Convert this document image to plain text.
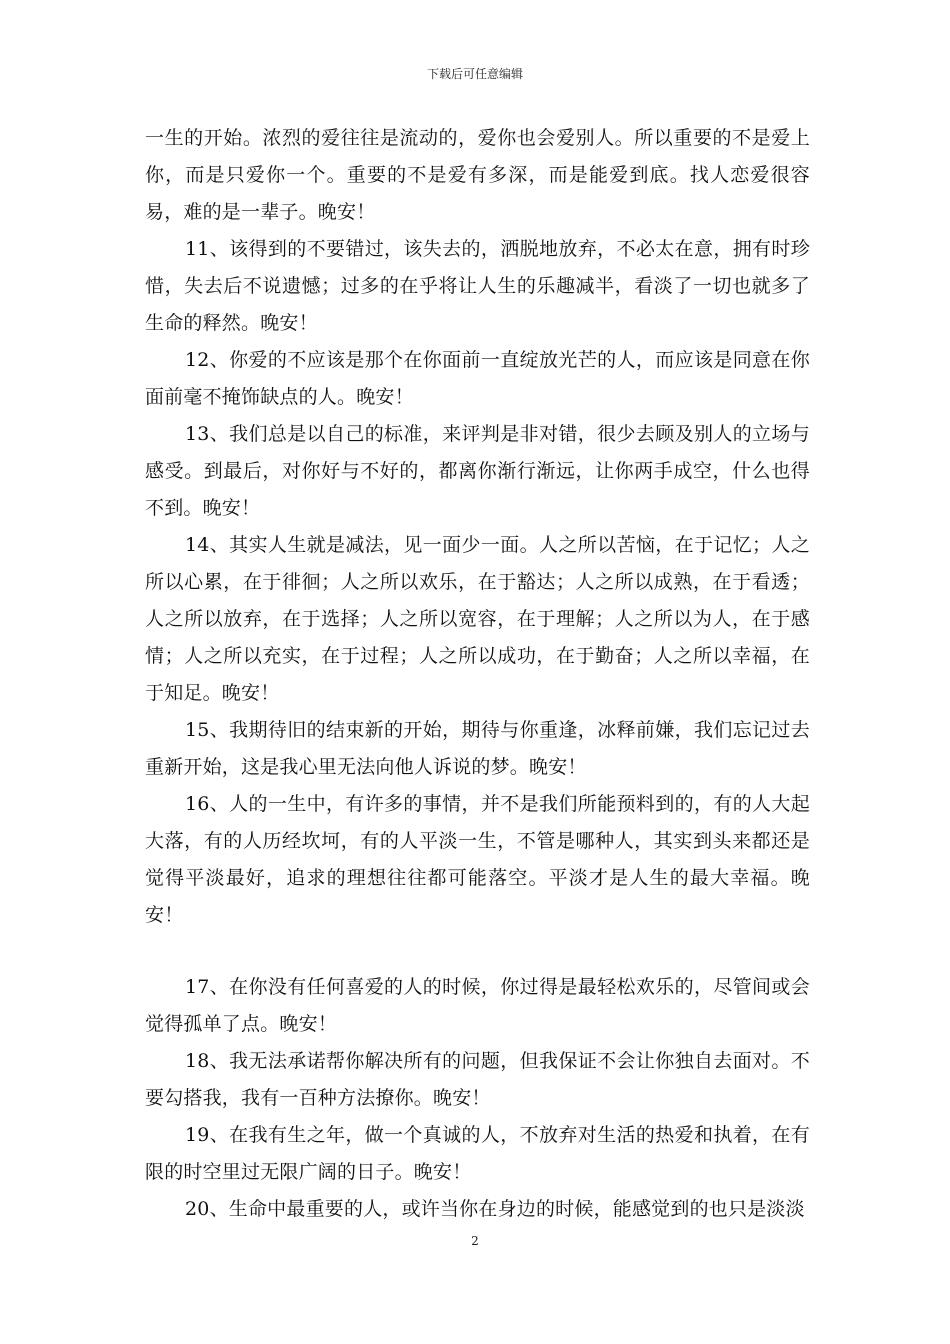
下载后可任意编辑

一生的开始。浓烈的爱往往是流动的，爱你也会爱别人。所以重要的不是爱上你，而是只爱你一个。重要的不是爱有多深，而是能爱到底。找人恋爱很容易，难的是一辈子。晚安！

11、该得到的不要错过，该失去的，洒脱地放弃，不必太在意，拥有时珍惜，失去后不说遗憾；过多的在乎将让人生的乐趣减半，看淡了一切也就多了生命的释然。晚安！

12、你爱的不应该是那个在你面前一直绽放光芒的人，而应该是同意在你面前毫不掩饰缺点的人。晚安！

13、我们总是以自己的标准，来评判是非对错，很少去顾及别人的立场与感受。到最后，对你好与不好的，都离你渐行渐远，让你两手成空，什么也得不到。晚安！

14、其实人生就是减法，见一面少一面。人之所以苦恼，在于记忆；人之所以心累，在于徘徊；人之所以欢乐，在于豁达；人之所以成熟，在于看透；人之所以放弃，在于选择；人之所以宽容，在于理解；人之所以为人，在于感情；人之所以充实，在于过程；人之所以成功，在于勤奋；人之所以幸福，在于知足。晚安！

15、我期待旧的结束新的开始，期待与你重逢，冰释前嫌，我们忘记过去重新开始，这是我心里无法向他人诉说的梦。晚安！

16、人的一生中，有许多的事情，并不是我们所能预料到的，有的人大起大落，有的人历经坎坷，有的人平淡一生，不管是哪种人，其实到头来都还是觉得平淡最好，追求的理想往往都可能落空。平淡才是人生的最大幸福。晚安！

17、在你没有任何喜爱的人的时候，你过得是最轻松欢乐的，尽管间或会觉得孤单了点。晚安！

18、我无法承诺帮你解决所有的问题，但我保证不会让你独自去面对。不要勾搭我，我有一百种方法撩你。晚安！

19、在我有生之年，做一个真诚的人，不放弃对生活的热爱和执着，在有限的时空里过无限广阔的日子。晚安！

20、生命中最重要的人，或许当你在身边的时候，能感觉到的也只是淡淡

2
